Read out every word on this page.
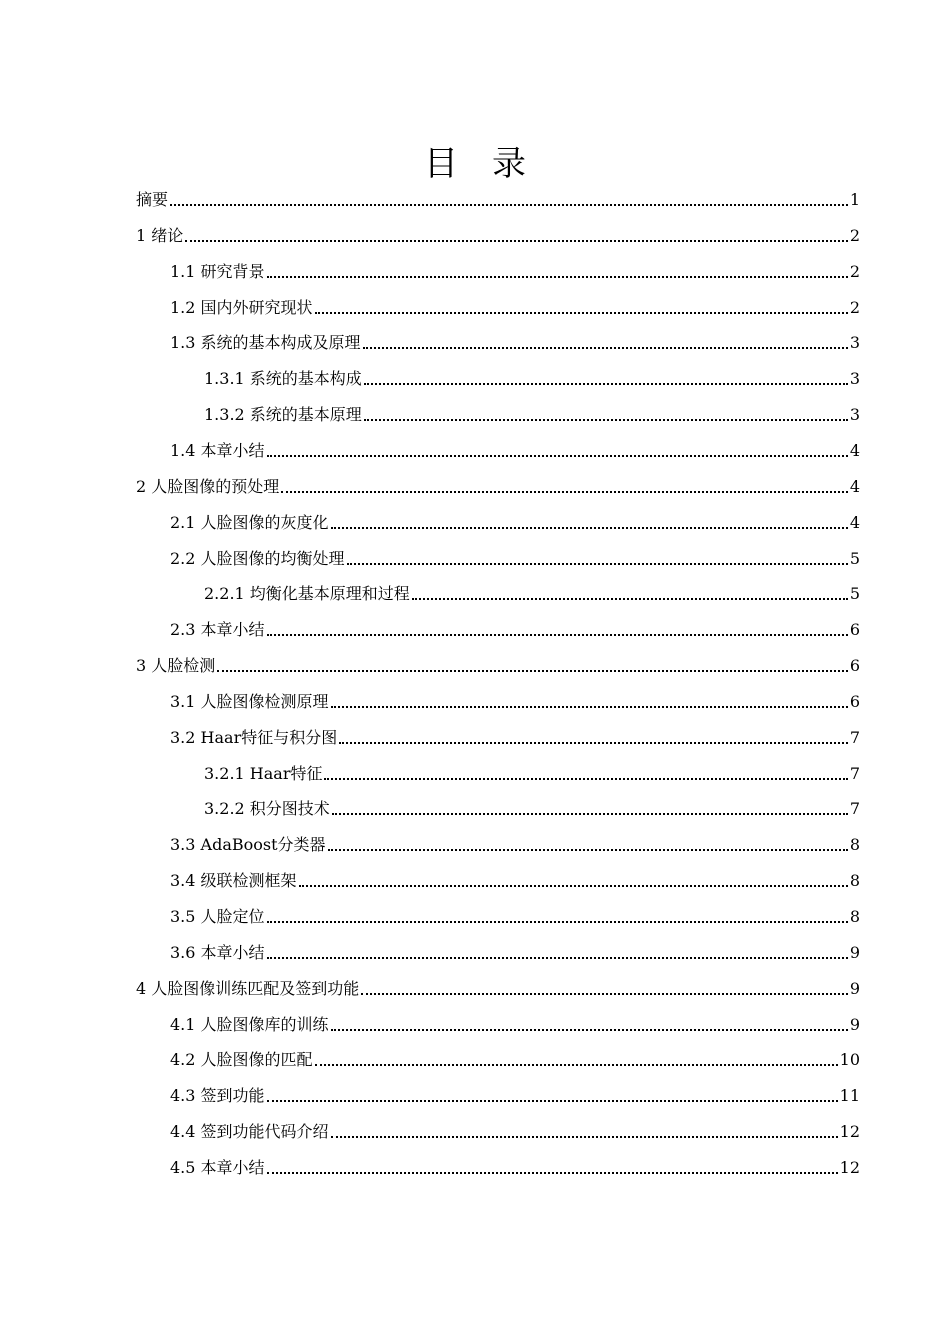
目 录
摘要	1
1 绪论	2
1.1 研究背景	2
1.2 国内外研究现状	2
1.3 系统的基本构成及原理	3
1.3.1 系统的基本构成	3
1.3.2 系统的基本原理	3
1.4 本章小结	4
2 人脸图像的预处理	4
2.1 人脸图像的灰度化	4
2.2 人脸图像的均衡处理	5
2.2.1 均衡化基本原理和过程	5
2.3 本章小结	6
3 人脸检测	6
3.1 人脸图像检测原理	6
3.2 Haar特征与积分图	7
3.2.1 Haar特征	7
3.2.2 积分图技术	7
3.3 AdaBoost分类器	8
3.4 级联检测框架	8
3.5 人脸定位	8
3.6 本章小结	9
4 人脸图像训练匹配及签到功能	9
4.1 人脸图像库的训练	9
4.2 人脸图像的匹配	10
4.3 签到功能	11
4.4 签到功能代码介绍	12
4.5 本章小结	12
